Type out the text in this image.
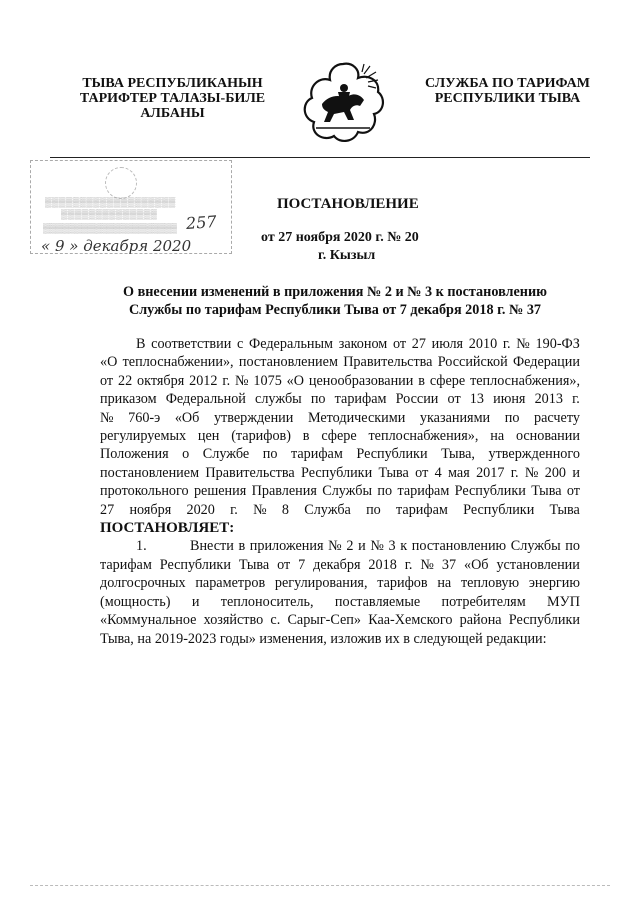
ТЫВА РЕСПУБЛИКАНЫН
ТАРИФТЕР ТАЛАЗЫ-БИЛЕ
АЛБАНЫ
СЛУЖБА ПО ТАРИФАМ
РЕСПУБЛИКИ ТЫВА
▒▒▒▒▒▒▒▒▒▒▒▒▒▒▒▒▒▒▒
▒▒▒▒▒▒▒▒▒▒▒▒▒▒
▒▒▒▒▒▒▒▒▒▒▒▒▒▒▒▒▒▒▒▒▒ 257
« 9 » декабря 2020
ПОСТАНОВЛЕНИЕ
от 27 ноября 2020 г. № 20
г. Кызыл
О внесении изменений в приложения № 2 и № 3 к постановлению
Службы по тарифам Республики Тыва от 7 декабря 2018 г. № 37
В соответствии с Федеральным законом от 27 июля 2010 г. № 190-ФЗ
«О теплоснабжении», постановлением Правительства Российской Федерации
от 22 октября 2012 г. № 1075 «О ценообразовании в сфере теплоснабжения»,
приказом Федеральной службы по тарифам России от 13 июня 2013 г.
№ 760-э «Об утверждении Методическими указаниями по расчету
регулируемых цен (тарифов) в сфере теплоснабжения», на основании
Положения о Службе по тарифам Республики Тыва, утвержденного
постановлением Правительства Республики Тыва от 4 мая 2017 г. № 200 и
протокольного решения Правления Службы по тарифам Республики Тыва от
27 ноября 2020 г. № 8 Служба по тарифам Республики Тыва
ПОСТАНОВЛЯЕТ:
1.	Внести в приложения № 2 и № 3 к постановлению Службы по
тарифам Республики Тыва от 7 декабря 2018 г. № 37 «Об установлении
долгосрочных параметров регулирования, тарифов на тепловую энергию
(мощность) и теплоноситель, поставляемые потребителям МУП
«Коммунальное хозяйство с. Сарыг-Сеп» Каа-Хемского района Республики
Тыва, на 2019-2023 годы» изменения, изложив их в следующей редакции:
